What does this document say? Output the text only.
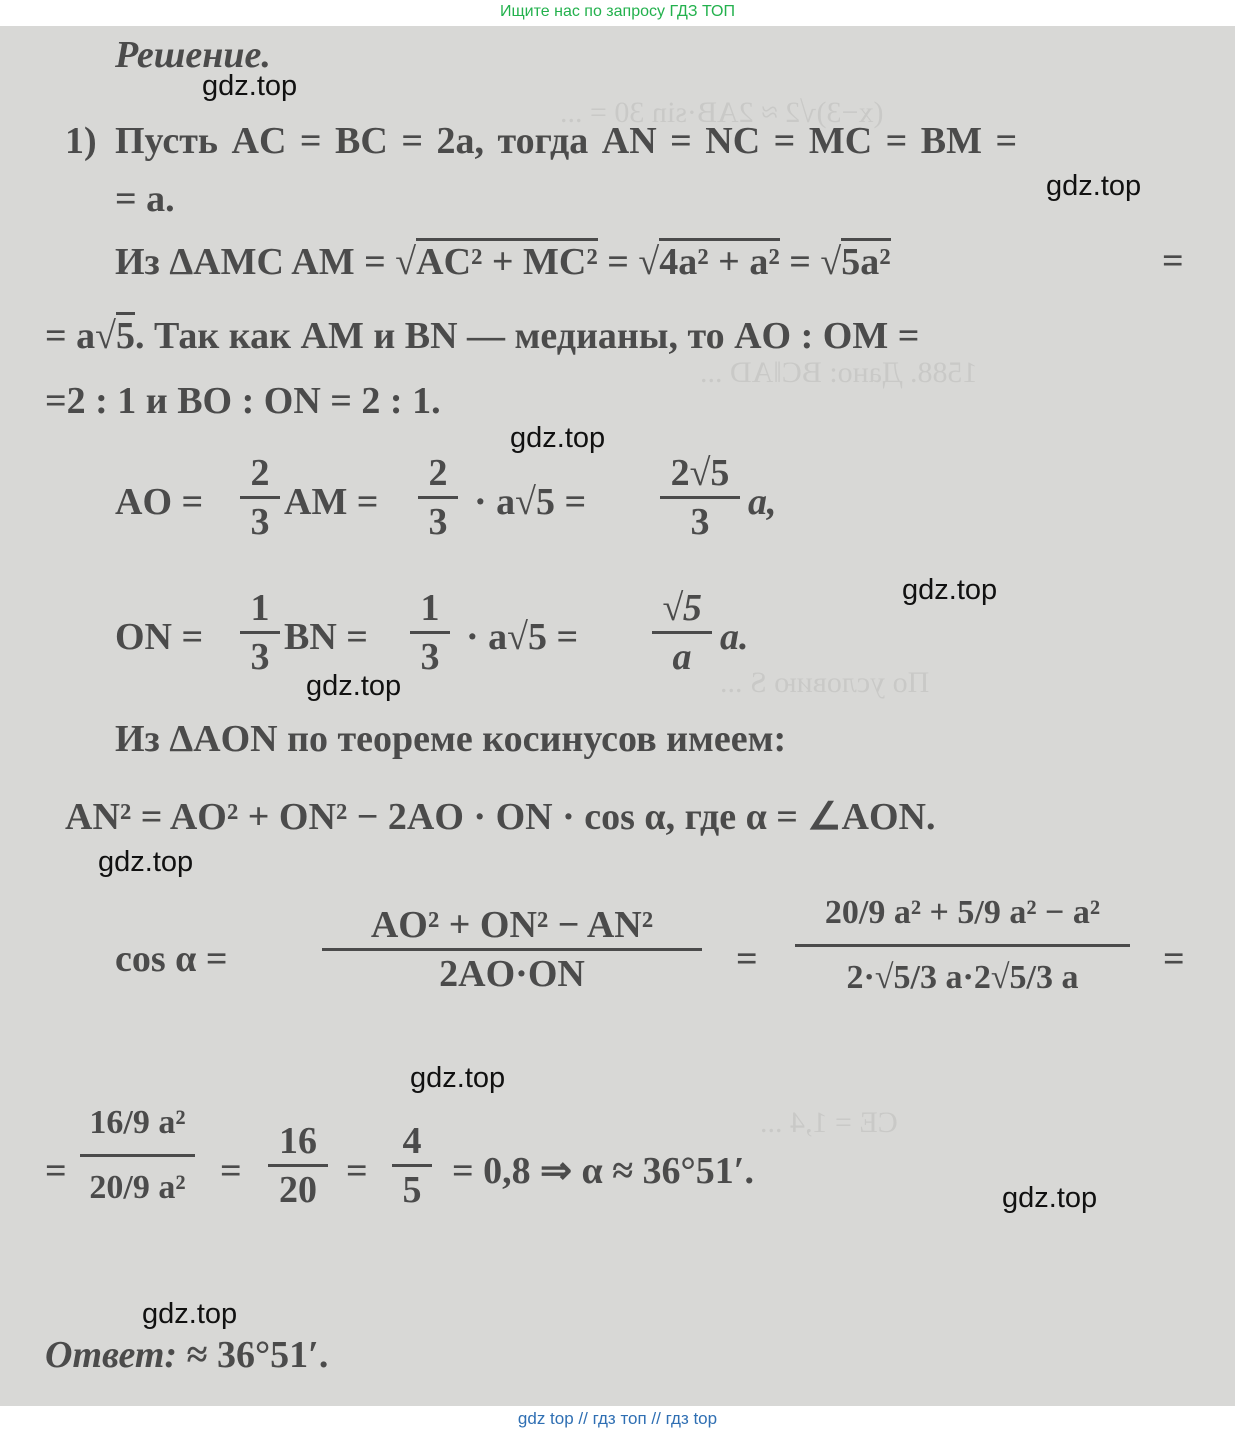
Ищите нас по запросу ГДЗ ТОП
(x−3)√2 ≈ 2AB·sin 30 = ...
1588. Дано: BC‖AD ...
По условию S ...
CE = 1,4 ...
Решение.
1) Пусть AC = BC = 2a, тогда AN = NC = MC = BM =
= a.
Из ΔAMC AM = √AC² + MC² = √4a² + a² = √5a²	=
= a√5. Так как AM и BN — медианы, то AO : OM =
=2 : 1 и BO : ON = 2 : 1.
AO =
2
3 AM =
2
3 · a√5 =
2√5
3	a,
ON =
1
3 BN =
1
3 · a√5 =
√5
a a.
Из ΔAON по теореме косинусов имеем:
AN² = AO² + ON² − 2AO · ON · cos α, где α = ∠AON.
cos α =
AO² + ON² − AN²
2AO·ON	=
20/9 a² + 5/9 a² − a²
2·√5/3 a·2√5/3 a	=
=
16/9 a²
20/9 a² =
16
20 =
4
5 = 0,8 ⇒ α ≈ 36°51′.
Ответ: ≈ 36°51′.
gdz.top
gdz.top
gdz.top
gdz.top
gdz.top
gdz.top
gdz.top
gdz.top
gdz.top
gdz top // гдз топ // гдз top
